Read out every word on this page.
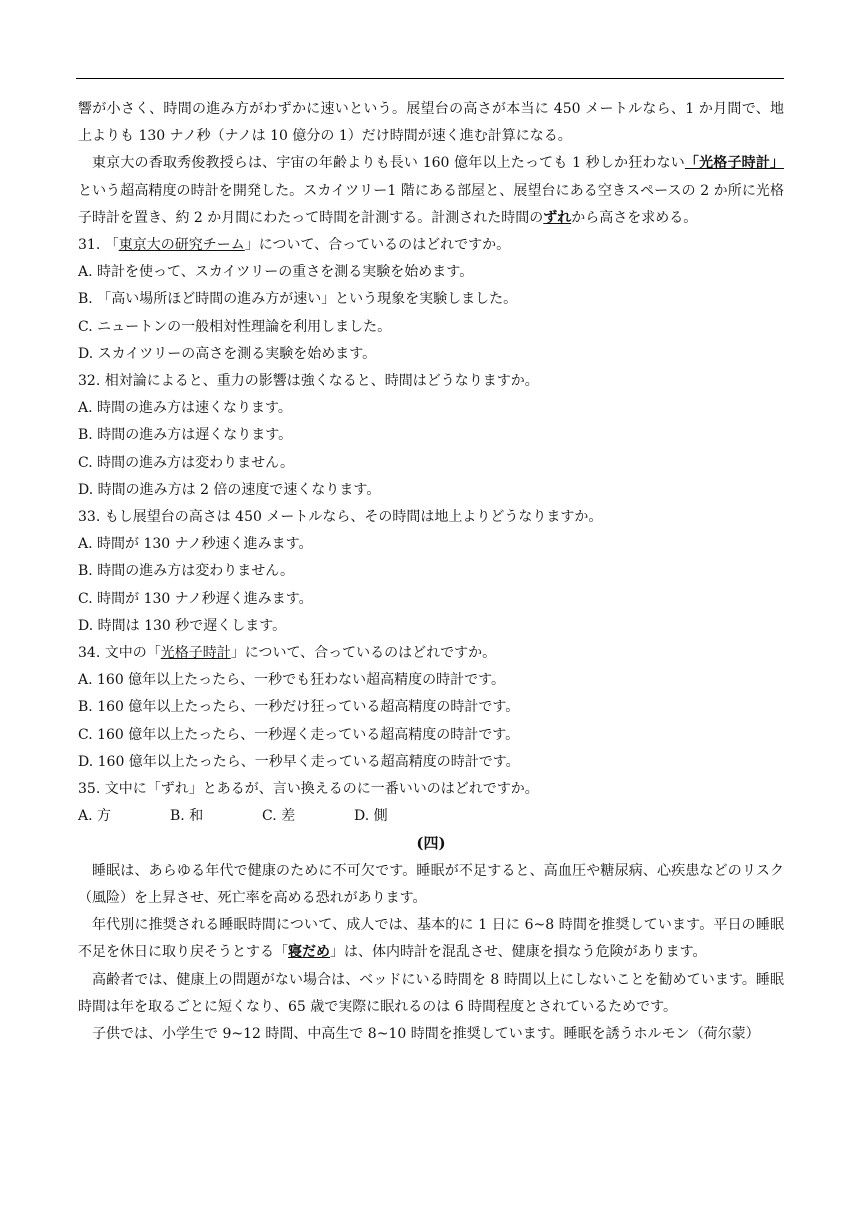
響が小さく、時間の進み方がわずかに速いという。展望台の高さが本当に 450 メートルなら、1 か月間で、地上よりも 130 ナノ秒（ナノは 10 億分の 1）だけ時間が速く進む計算になる。

東京大の香取秀俊教授らは、宇宙の年齢よりも長い 160 億年以上たっても 1 秒しか狂わない「光格子時計」という超高精度の時計を開発した。スカイツリー1 階にある部屋と、展望台にある空きスペースの 2 か所に光格子時計を置き、約 2 か月間にわたって時間を計測する。計測された時間のずれから高さを求める。

31. 「東京大の研究チーム」について、合っているのはどれですか。

A. 時計を使って、スカイツリーの重さを測る実験を始めます。

B. 「高い場所ほど時間の進み方が速い」という現象を実験しました。

C. ニュートンの一般相対性理論を利用しました。

D. スカイツリーの高さを測る実験を始めます。

32. 相対論によると、重力の影響は強くなると、時間はどうなりますか。

A. 時間の進み方は速くなります。

B. 時間の進み方は遅くなります。

C. 時間の進み方は変わりません。

D. 時間の進み方は 2 倍の速度で速くなります。

33. もし展望台の高さは 450 メートルなら、その時間は地上よりどうなりますか。

A. 時間が 130 ナノ秒速く進みます。

B. 時間の進み方は変わりません。

C. 時間が 130 ナノ秒遅く進みます。

D. 時間は 130 秒で遅くします。

34. 文中の「光格子時計」について、合っているのはどれですか。

A. 160 億年以上たったら、一秒でも狂わない超高精度の時計です。

B. 160 億年以上たったら、一秒だけ狂っている超高精度の時計です。

C. 160 億年以上たったら、一秒遅く走っている超高精度の時計です。

D. 160 億年以上たったら、一秒早く走っている超高精度の時計です。

35. 文中に「ずれ」とあるが、言い換えるのに一番いいのはどれですか。

A. 方	B. 和	C. 差	D. 側

(四)

睡眠は、あらゆる年代で健康のために不可欠です。睡眠が不足すると、高血圧や糖尿病、心疾患などのリスク（風险）を上昇させ、死亡率を高める恐れがあります。

年代別に推奨される睡眠時間について、成人では、基本的に 1 日に 6~8 時間を推奨しています。平日の睡眠不足を休日に取り戻そうとする「寝だめ」は、体内時計を混乱させ、健康を損なう危険があります。

高齢者では、健康上の問題がない場合は、ベッドにいる時間を 8 時間以上にしないことを勧めています。睡眠時間は年を取るごとに短くなり、65 歳で実際に眠れるのは 6 時間程度とされているためです。

子供では、小学生で 9~12 時間、中高生で 8~10 時間を推奨しています。睡眠を誘うホルモン（荷尔蒙）
